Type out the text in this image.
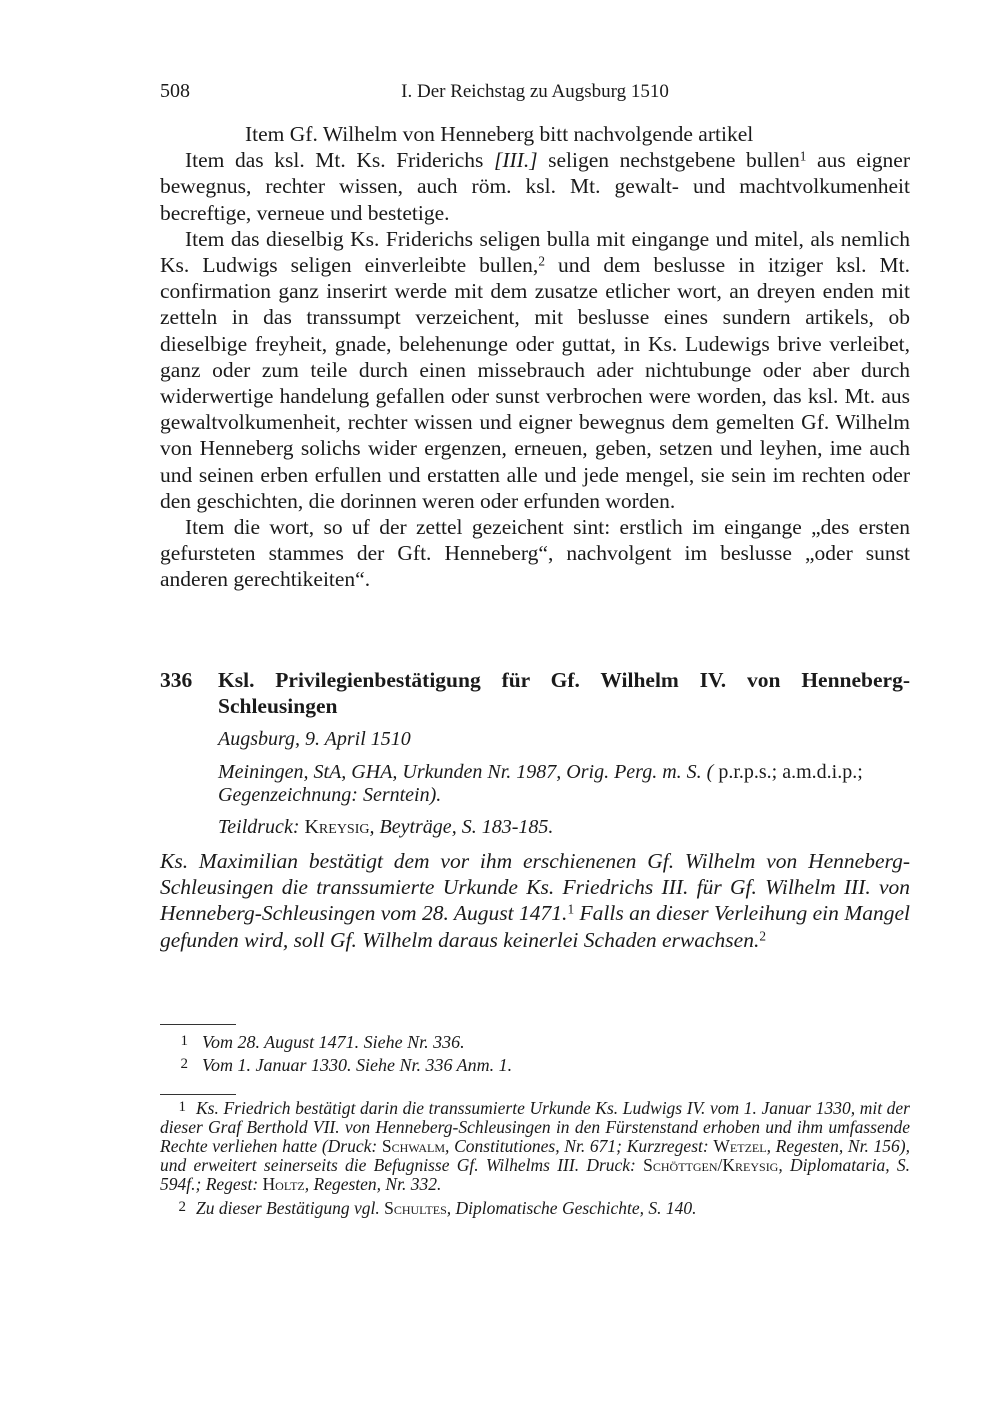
508	I. Der Reichstag zu Augsburg 1510

Item Gf. Wilhelm von Henneberg bitt nachvolgende artikel

Item das ksl. Mt. Ks. Friderichs [III.] seligen nechstgebene bullen$^1$ aus eigner bewegnus, rechter wissen, auch röm. ksl. Mt. gewalt- und machtvolkumenheit becreftige, verneue und bestetige.

Item das dieselbig Ks. Friderichs seligen bulla mit eingange und mitel, als nemlich Ks. Ludwigs seligen einverleibte bullen,$^2$ und dem beslusse in itziger ksl. Mt. confirmation ganz inserirt werde mit dem zusatze etlicher wort, an dreyen enden mit zetteln in das transsumpt verzeichent, mit beslusse eines sundern artikels, ob dieselbige freyheit, gnade, belehenunge oder guttat, in Ks. Ludewigs brive verleibet, ganz oder zum teile durch einen missebrauch ader nichtubunge oder aber durch widerwertige handelung gefallen oder sunst verbrochen were worden, das ksl. Mt. aus gewaltvolkumenheit, rechter wissen und eigner bewegnus dem gemelten Gf. Wilhelm von Henneberg solichs wider ergenzen, erneuen, geben, setzen und leyhen, ime auch und seinen erben erfullen und erstatten alle und jede mengel, sie sein im rechten oder den geschichten, die dorinnen weren oder erfunden worden.

Item die wort, so uf der zettel gezeichent sint: erstlich im eingange „des ersten gefursteten stammes der Gft. Henneberg“, nachvolgent im beslusse „oder sunst anderen gerechtikeiten“.

336 Ksl. Privilegienbestätigung für Gf. Wilhelm IV. von Henneberg-Schleusingen
Augsburg, 9. April 1510
Meiningen, StA, GHA, Urkunden Nr. 1987, Orig. Perg. m. S. ( p.r.p.s.; a.m.d.i.p.; Gegenzeichnung: Serntein).
Teildruck: Kreysig, Beyträge, S. 183-185.
Ks. Maximilian bestätigt dem vor ihm erschienenen Gf. Wilhelm von Henneberg-Schleusingen die transsumierte Urkunde Ks. Friedrichs III. für Gf. Wilhelm III. von Henneberg-Schleusingen vom 28. August 1471.$^1$ Falls an dieser Verleihung ein Mangel gefunden wird, soll Gf. Wilhelm daraus keinerlei Schaden erwachsen.$^2$
1 Vom 28. August 1471. Siehe Nr. 336.
2 Vom 1. Januar 1330. Siehe Nr. 336 Anm. 1.
1 Ks. Friedrich bestätigt darin die transsumierte Urkunde Ks. Ludwigs IV. vom 1. Januar 1330, mit der dieser Graf Berthold VII. von Henneberg-Schleusingen in den Fürstenstand erhoben und ihm umfassende Rechte verliehen hatte (Druck: Schwalm, Constitutiones, Nr. 671; Kurzregest: Wetzel, Regesten, Nr. 156), und erweitert seinerseits die Befugnisse Gf. Wilhelms III. Druck: Schöttgen/Kreysig, Diplomataria, S. 594f.; Regest: Holtz, Regesten, Nr. 332.
2 Zu dieser Bestätigung vgl. Schultes, Diplomatische Geschichte, S. 140.
